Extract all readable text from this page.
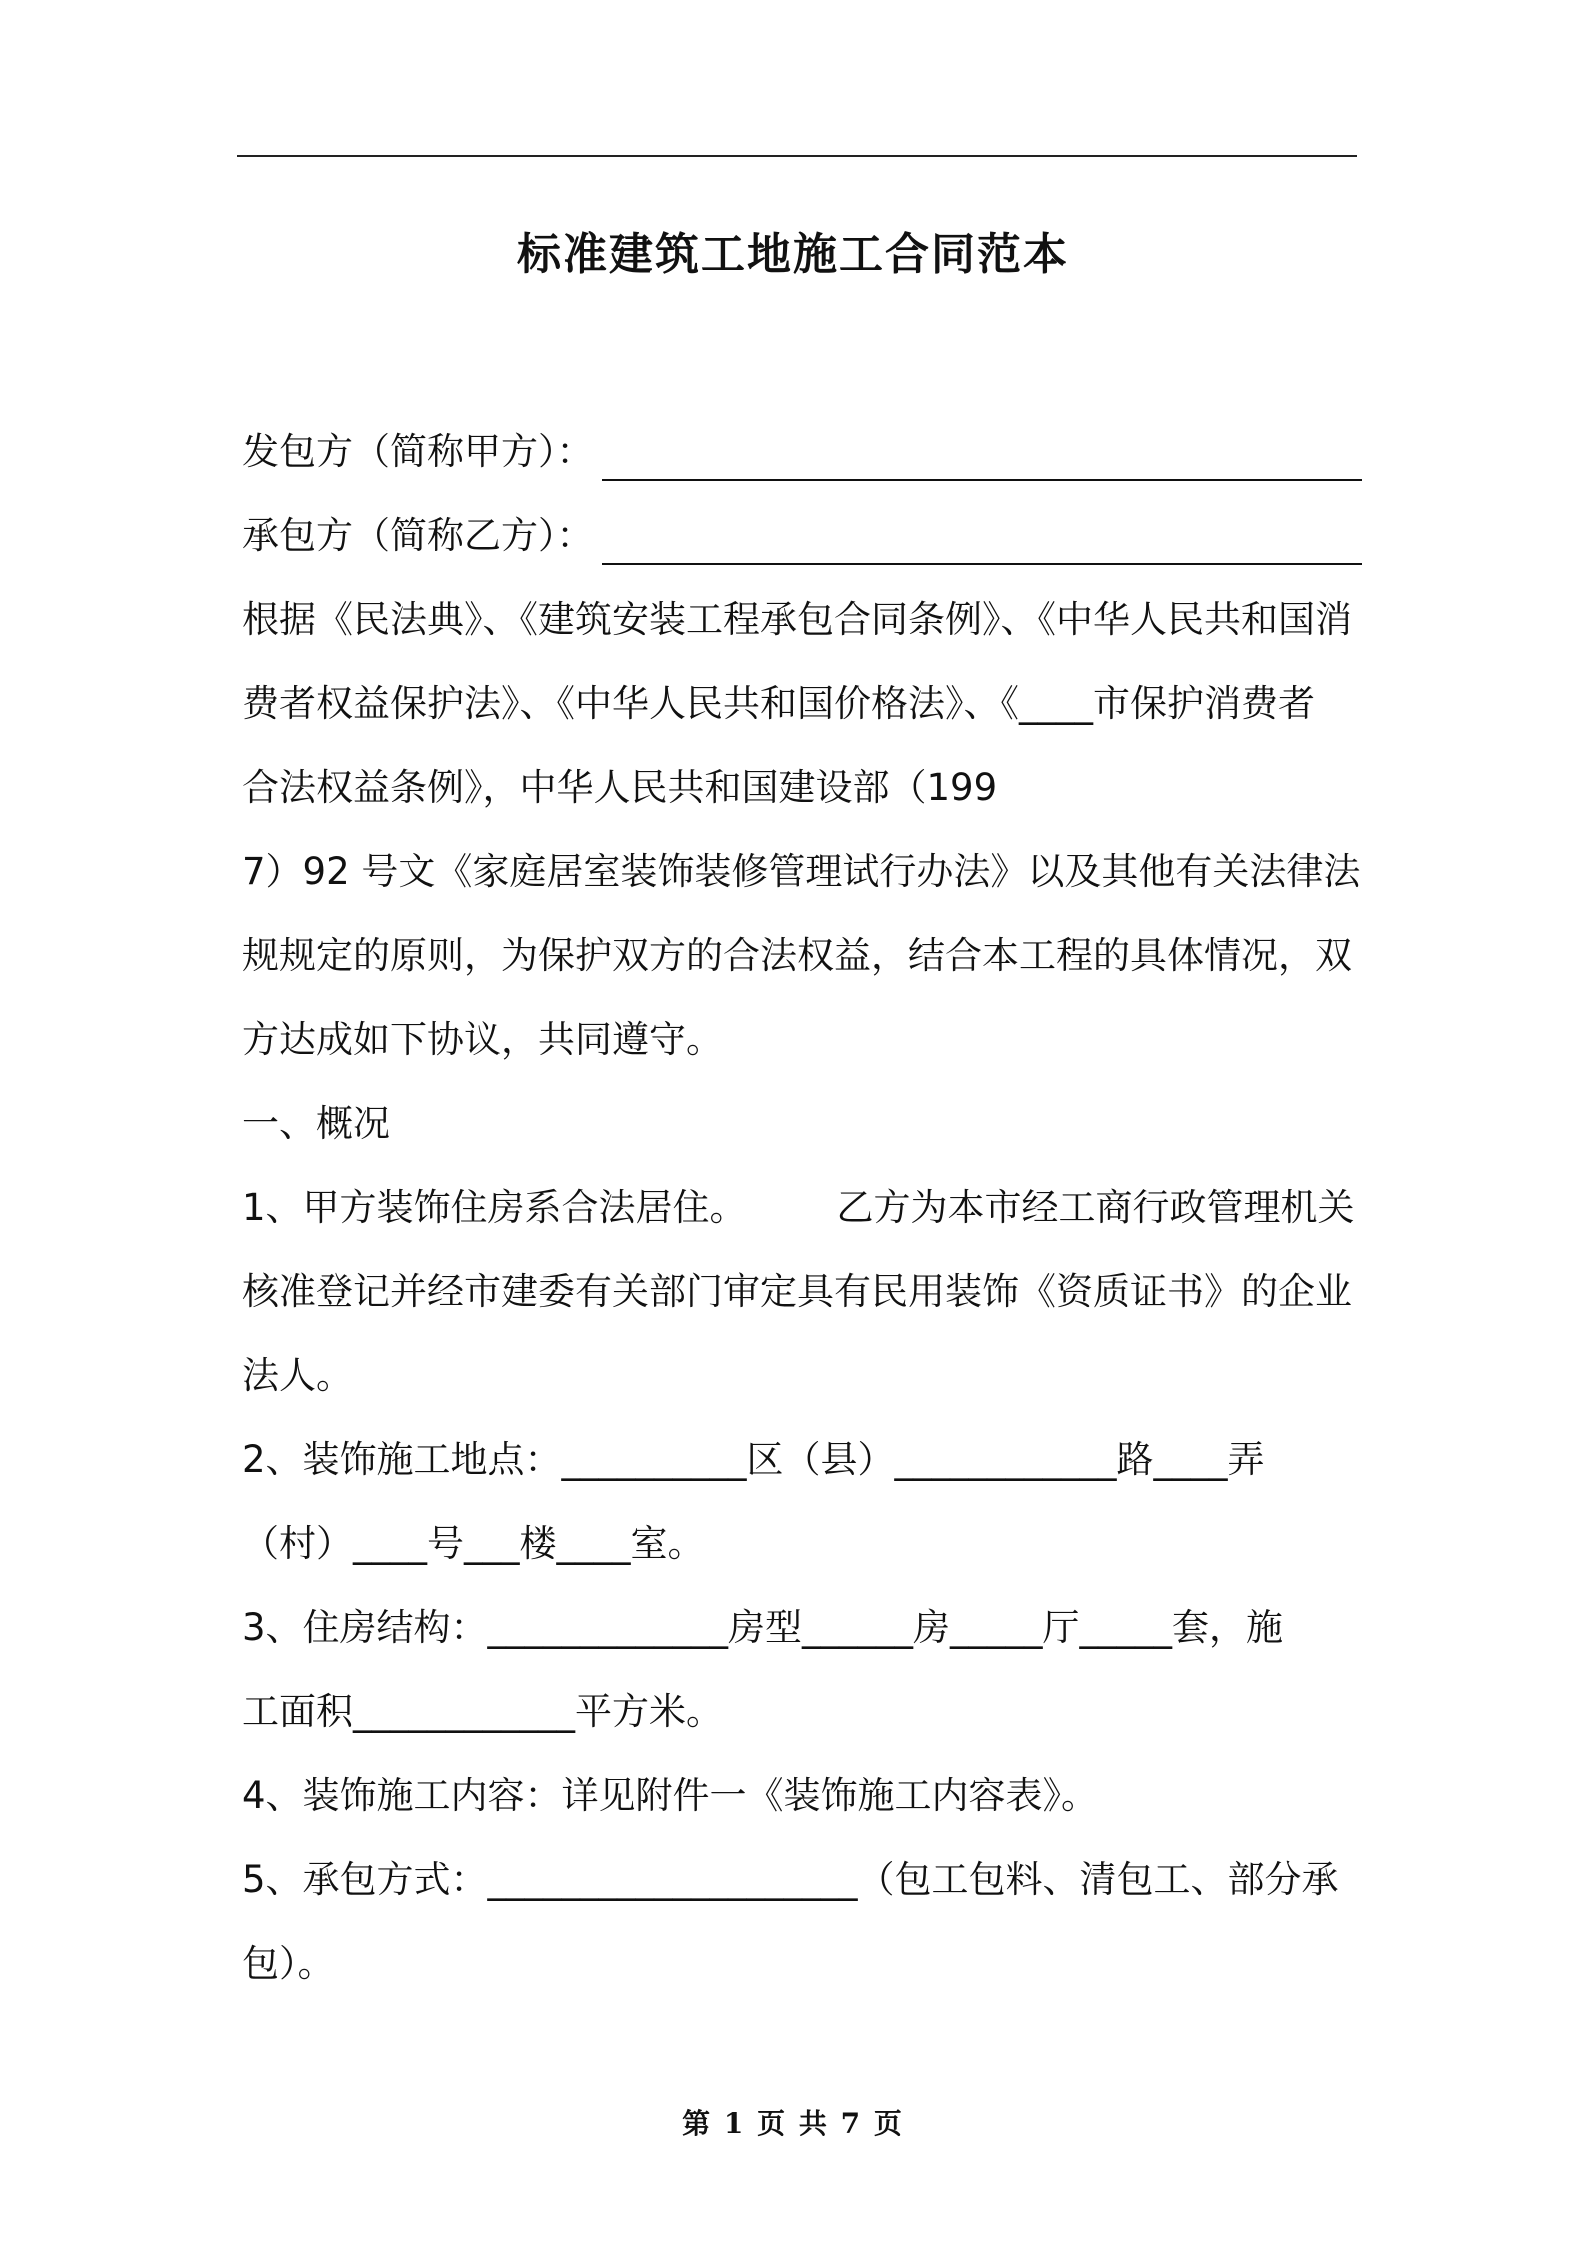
标准建筑工地施工合同范本
发包方（简称甲方）：
承包方（简称乙方）：
根据《民法典》、《建筑安装工程承包合同条例》、《中华人民共和国消
费者权益保护法》、《中华人民共和国价格法》、《____市保护消费者
合法权益条例》，中华人民共和国建设部（199
7）92 号文《家庭居室装饰装修管理试行办法》以及其他有关法律法
规规定的原则，为保护双方的合法权益，结合本工程的具体情况，双
方达成如下协议，共同遵守。
一、概况
1、甲方装饰住房系合法居住。 乙方为本市经工商行政管理机关
核准登记并经市建委有关部门审定具有民用装饰《资质证书》的企业
法人。
2、装饰施工地点：__________区（县）____________路____弄
（村）____号___楼____室。
3、住房结构：_____________房型______房_____厅_____套，施
工面积____________平方米。
4、装饰施工内容：详见附件一《装饰施工内容表》。
5、承包方式：____________________（包工包料、清包工、部分承
包）。
第 1 页 共 7 页
